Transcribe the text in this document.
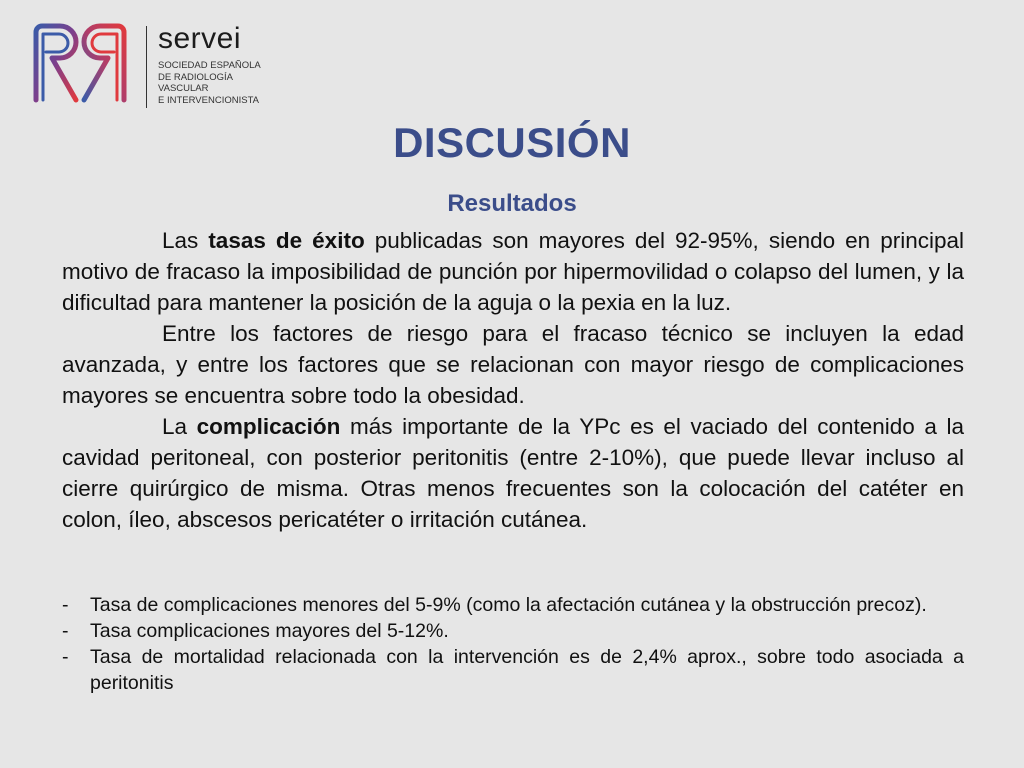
servei
SOCIEDAD ESPAÑOLA
DE RADIOLOGÍA
VASCULAR
E INTERVENCIONISTA
DISCUSIÓN
Resultados

Las tasas de éxito publicadas son mayores del 92-95%, siendo en principal motivo de fracaso la imposibilidad de punción por hipermovilidad o colapso del lumen, y la dificultad para mantener la posición de la aguja o la pexia en la luz.

Entre los factores de riesgo para el fracaso técnico se incluyen la edad avanzada, y entre los factores que se relacionan con mayor riesgo de complicaciones mayores se encuentra sobre todo la obesidad.

La complicación más importante de la YPc es el vaciado del contenido a la cavidad peritoneal, con posterior peritonitis (entre 2-10%), que puede llevar incluso al cierre quirúrgico de misma. Otras menos frecuentes son la colocación del catéter en colon, íleo, abscesos pericatéter o irritación cutánea.

- Tasa de complicaciones menores del 5-9% (como la afectación cutánea y la obstrucción precoz).
- Tasa complicaciones mayores del 5-12%.
- Tasa de mortalidad relacionada con la intervención es de 2,4% aprox., sobre todo asociada a peritonitis
